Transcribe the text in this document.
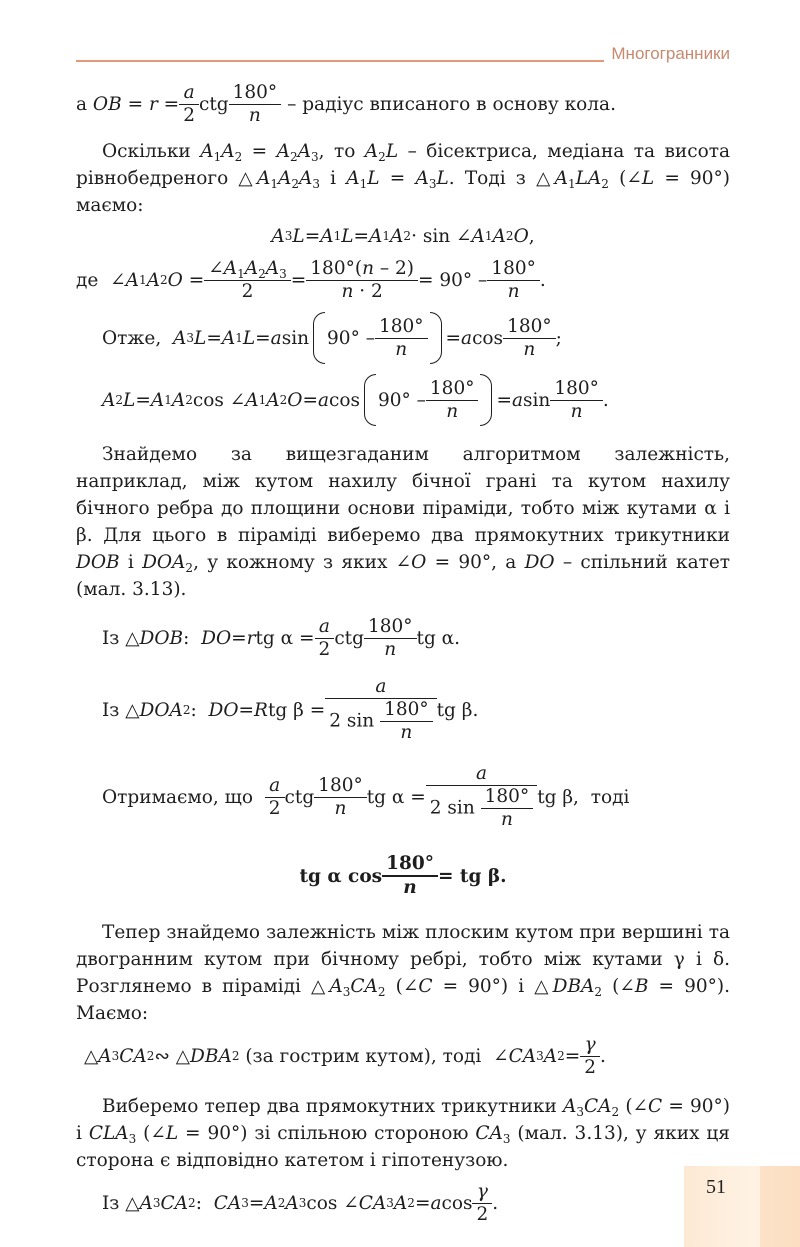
Многогранники
а
OB = r =
a
2
ctg
180°
n

– радіус вписаного в основу кола.

Оскільки $A_1A_2 = A_2A_3$, то $A_2L$ – бісектриса, медіана та висота рівнобедреного $\triangle A_1A_2A_3$ і $A_1L = A_3L$. Тоді з $\triangle A_1LA_2$ (∠L = 90°) маємо:

A 3 L = A 1 L = A 1 A 2 · sin ∠ A 1 A 2 O ,
де ∠ A 1 A 2 O =
$\angle A_1A_2A_3$
2
=
180°(n – 2)
n · 2
= 90° –
180°
n
.
Отже,
A 3 L = A 1 L = a sin
90° –
180°
n
= a cos
180°
n
;
A 2 L = A 1 A 2 cos ∠ A 1 A 2 O = a cos
90° –
180°
n
= a sin
180°
n
.

Знайдемо за вищезгаданим алгоритмом залежність, наприклад, між кутом нахилу бічної грані та кутом нахилу бічного ребра до площини основи піраміди, тобто між кутами α і β. Для цього в піраміді виберемо два прямокутних трикутники DOB і $DOA_2$, у кожному з яких ∠O = 90°, а DO – спільний катет (мал. 3.13).

Із △ DOB : DO = r tg α =
a
2
ctg
180°
n
tg α.
Із △ DOA 2 : DO = R tg β =
a
2 $\sin \frac{180^\circ}{n}$ tg β.
Отримаємо, що

a
2
ctg
180°
n
tg α =
a
2 $\sin \frac{180^\circ}{n}$ tg β, тоді
tg α cos
180°
n
= tg β.

Тепер знайдемо залежність між плоским кутом при вершині та двогранним кутом при бічному ребрі, тобто між кутами γ і δ. Розглянемо в піраміді $\triangle A_3CA_2$ (∠C = 90°) і $\triangle DBA_2$ (∠B = 90°). Маємо:

△ A 3 CA 2 ∾ △ DBA 2
(за гострим кутом), тоді ∠ CA 3 A 2 =
γ
2
.

Виберемо тепер два прямокутних трикутники $A_3CA_2$ (∠C = 90°) і $CLA_3$ (∠L = 90°) зі спільною стороною $CA_3$ (мал. 3.13), у яких ця сторона є відповідно катетом і гіпотенузою.

Із △ A 3 CA 2 : CA 3 = A 2 A 3 cos ∠ CA 3 A 2 = a cos
γ
2
.
51
